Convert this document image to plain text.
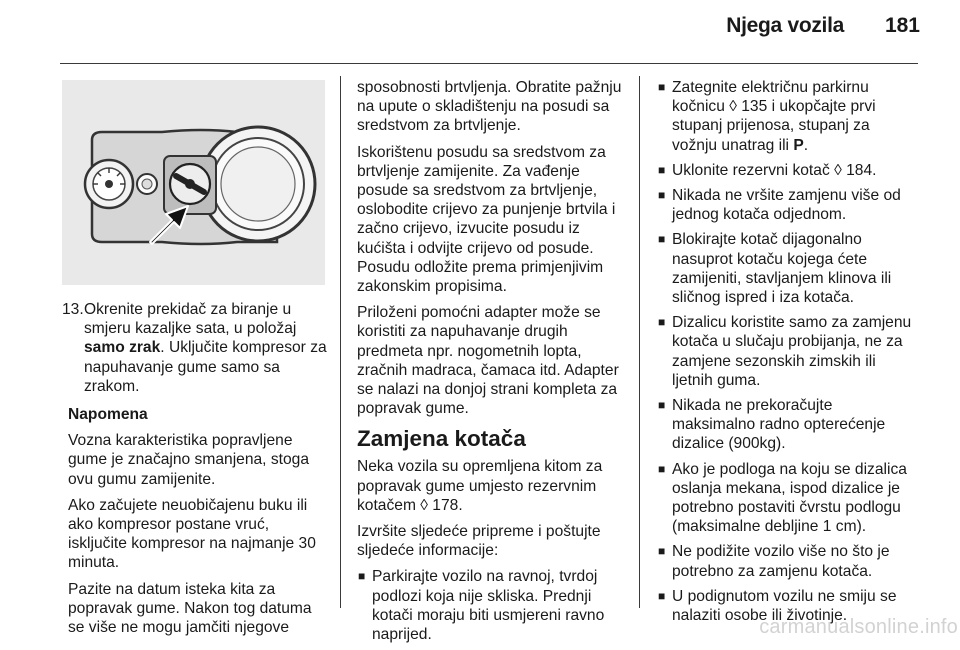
Njega vozila	181
13. Okrenite prekidač za biranje u smjeru kazaljke sata, u položaj samo zrak. Uključite kompresor za napuhavanje gume samo sa zrakom.

Napomena

Vozna karakteristika popravljene gume je značajno smanjena, stoga ovu gumu zamijenite.

Ako začujete neuobičajenu buku ili ako kompresor postane vruć, isključite kompresor na najmanje 30 minuta.

Pazite na datum isteka kita za popravak gume. Nakon tog datuma se više ne mogu jamčiti njegove

sposobnosti brtvljenja. Obratite pažnju na upute o skladištenju na posudi sa sredstvom za brtvljenje.

Iskorištenu posudu sa sredstvom za brtvljenje zamijenite. Za vađenje posude sa sredstvom za brtvljenje, oslobodite crijevo za punjenje brtvila i začno crijevo, izvucite posudu iz kućišta i odvijte crijevo od posude. Posudu odložite prema primjenjivim zakonskim propisima.

Priloženi pomoćni adapter može se koristiti za napuhavanje drugih predmeta npr. nogometnih lopta, zračnih madraca, čamaca itd. Adapter se nalazi na donjoj strani kompleta za popravak gume.

Zamjena kotača

Neka vozila su opremljena kitom za popravak gume umjesto rezervnim kotačem ◊ 178.

Izvršite sljedeće pripreme i poštujte sljedeće informacije:

■ Parkirajte vozilo na ravnoj, tvrdoj podlozi koja nije skliska. Prednji kotači moraju biti usmjereni ravno naprijed.
■ Zategnite električnu parkirnu kočnicu ◊ 135 i ukopčajte prvi stupanj prijenosa, stupanj za vožnju unatrag ili P.
■ Uklonite rezervni kotač ◊ 184.
■ Nikada ne vršite zamjenu više od jednog kotača odjednom.
■ Blokirajte kotač dijagonalno nasuprot kotaču kojega ćete zamijeniti, stavljanjem klinova ili sličnog ispred i iza kotača.
■ Dizalicu koristite samo za zamjenu kotača u slučaju probijanja, ne za zamjene sezonskih zimskih ili ljetnih guma.
■ Nikada ne prekoračujte maksimalno radno opterećenje dizalice (900kg).
■ Ako je podloga na koju se dizalica oslanja mekana, ispod dizalice je potrebno postaviti čvrstu podlogu (maksimalne debljine 1 cm).
■ Ne podižite vozilo više no što je potrebno za zamjenu kotača.
■ U podignutom vozilu ne smiju se nalaziti osobe ili životinje.
carmanualsonline.info
